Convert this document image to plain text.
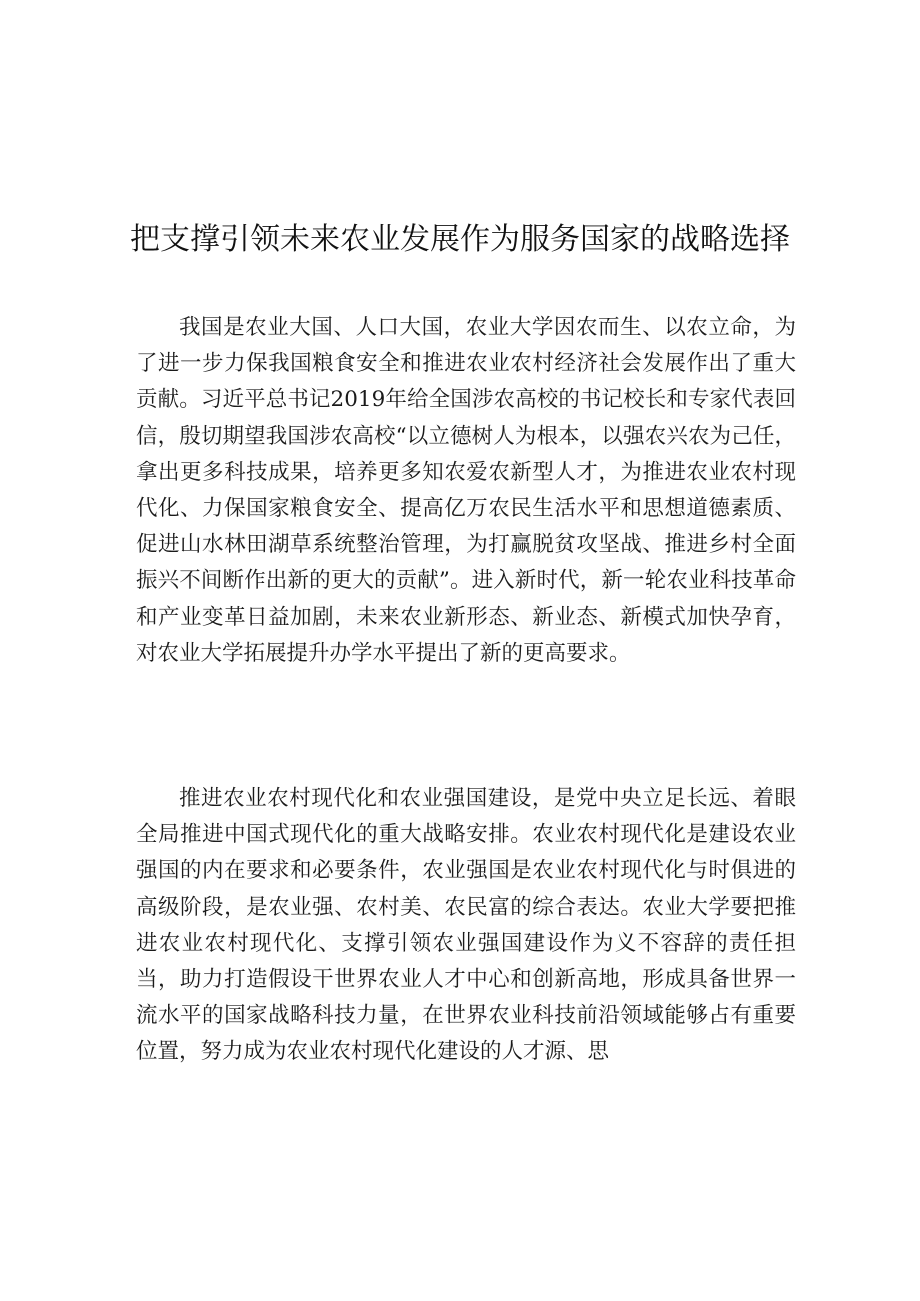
把支撑引领未来农业发展作为服务国家的战略选择

我国是农业大国、人口大国，农业大学因农而生、以农立命，为了进一步力保我国粮食安全和推进农业农村经济社会发展作出了重大贡献。习近平总书记2019年给全国涉农高校的书记校长和专家代表回信，殷切期望我国涉农高校“以立德树人为根本，以强农兴农为己任，拿出更多科技成果，培养更多知农爱农新型人才，为推进农业农村现代化、力保国家粮食安全、提高亿万农民生活水平和思想道德素质、促进山水林田湖草系统整治管理，为打赢脱贫攻坚战、推进乡村全面振兴不间断作出新的更大的贡献”。进入新时代，新一轮农业科技革命和产业变革日益加剧，未来农业新形态、新业态、新模式加快孕育，对农业大学拓展提升办学水平提出了新的更高要求。

推进农业农村现代化和农业强国建设，是党中央立足长远、着眼全局推进中国式现代化的重大战略安排。农业农村现代化是建设农业强国的内在要求和必要条件，农业强国是农业农村现代化与时俱进的高级阶段，是农业强、农村美、农民富的综合表达。农业大学要把推进农业农村现代化、支撑引领农业强国建设作为义不容辞的责任担当，助力打造假设干世界农业人才中心和创新高地，形成具备世界一流水平的国家战略科技力量，在世界农业科技前沿领域能够占有重要位置，努力成为农业农村现代化建设的人才源、思
